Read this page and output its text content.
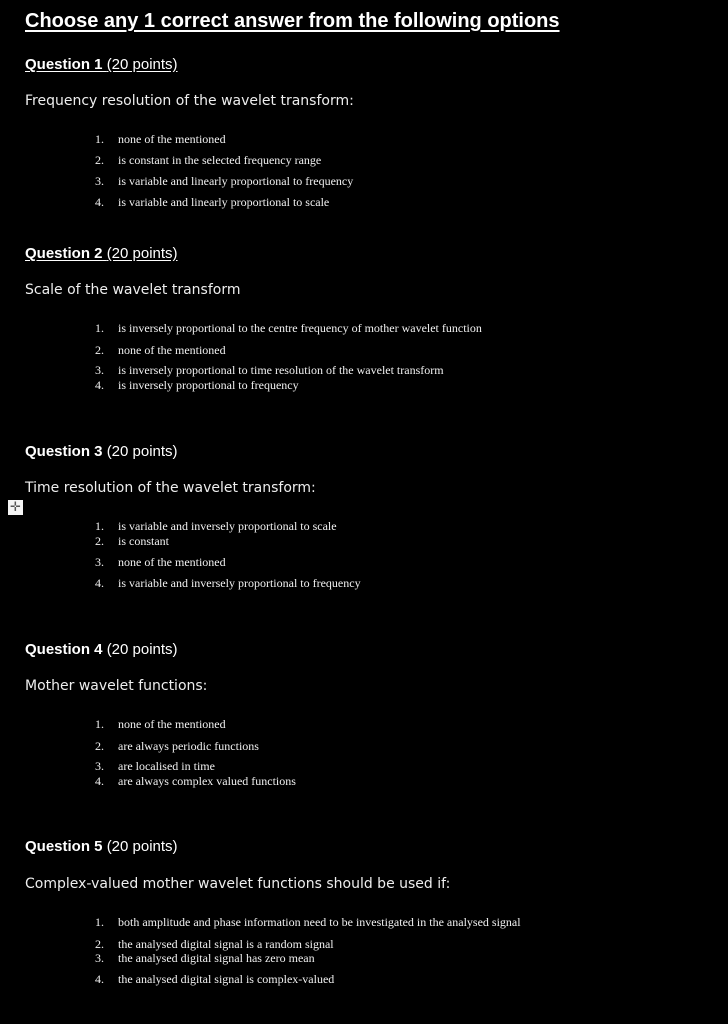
Choose any 1 correct answer from the following options
✛
Question 1 (20 points)
Frequency resolution of the wavelet transform:
1. none of the mentioned
2. is constant in the selected frequency range
3. is variable and linearly proportional to frequency
4. is variable and linearly proportional to scale
Question 2 (20 points)
Scale of the wavelet transform
1. is inversely proportional to the centre frequency of mother wavelet function
2. none of the mentioned
3. is inversely proportional to time resolution of the wavelet transform
4. is inversely proportional to frequency
Question 3 (20 points)
Time resolution of the wavelet transform:
1. is variable and inversely proportional to scale
2. is constant
3. none of the mentioned
4. is variable and inversely proportional to frequency
Question 4 (20 points)
Mother wavelet functions:
1. none of the mentioned
2. are always periodic functions
3. are localised in time
4. are always complex valued functions
Question 5 (20 points)
Complex-valued mother wavelet functions should be used if:
1. both amplitude and phase information need to be investigated in the analysed signal
2. the analysed digital signal is a random signal
3. the analysed digital signal has zero mean
4. the analysed digital signal is complex-valued
